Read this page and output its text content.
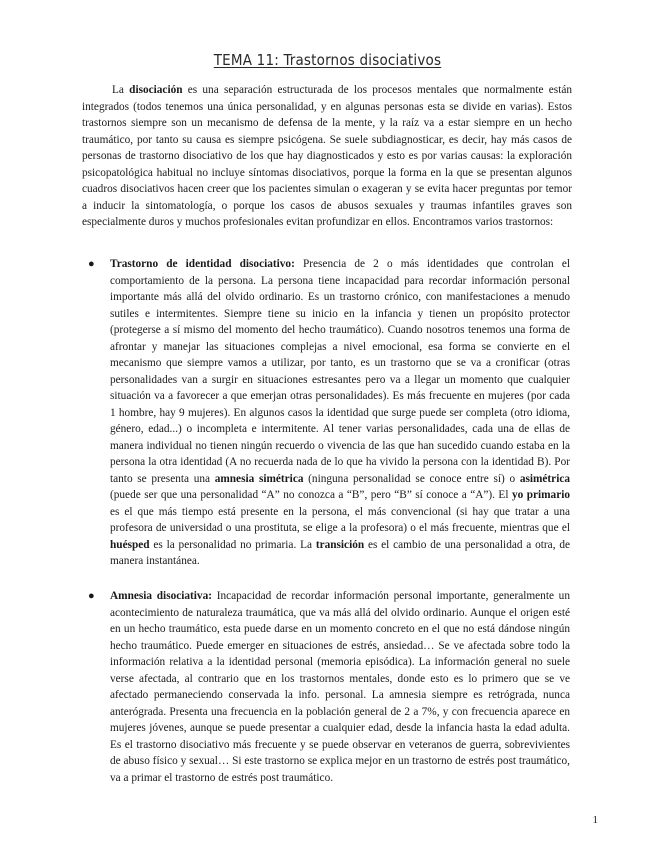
TEMA 11: Trastornos disociativos

La disociación es una separación estructurada de los procesos mentales que normalmente están integrados (todos tenemos una única personalidad, y en algunas personas esta se divide en varias). Estos trastornos siempre son un mecanismo de defensa de la mente, y la raíz va a estar siempre en un hecho traumático, por tanto su causa es siempre psicógena. Se suele subdiagnosticar, es decir, hay más casos de personas de trastorno disociativo de los que hay diagnosticados y esto es por varias causas: la exploración psicopatológica habitual no incluye síntomas disociativos, porque la forma en la que se presentan algunos cuadros disociativos hacen creer que los pacientes simulan o exageran y se evita hacer preguntas por temor a inducir la sintomatología, o porque los casos de abusos sexuales y traumas infantiles graves son especialmente duros y muchos profesionales evitan profundizar en ellos. Encontramos varios trastornos:

● Trastorno de identidad disociativo: Presencia de 2 o más identidades que controlan el comportamiento de la persona. La persona tiene incapacidad para recordar información personal importante más allá del olvido ordinario. Es un trastorno crónico, con manifestaciones a menudo sutiles e intermitentes. Siempre tiene su inicio en la infancia y tienen un propósito protector (protegerse a sí mismo del momento del hecho traumático). Cuando nosotros tenemos una forma de afrontar y manejar las situaciones complejas a nivel emocional, esa forma se convierte en el mecanismo que siempre vamos a utilizar, por tanto, es un trastorno que se va a cronificar (otras personalidades van a surgir en situaciones estresantes pero va a llegar un momento que cualquier situación va a favorecer a que emerjan otras personalidades). Es más frecuente en mujeres (por cada 1 hombre, hay 9 mujeres). En algunos casos la identidad que surge puede ser completa (otro idioma, género, edad...) o incompleta e intermitente. Al tener varias personalidades, cada una de ellas de manera individual no tienen ningún recuerdo o vivencia de las que han sucedido cuando estaba en la persona la otra identidad (A no recuerda nada de lo que ha vivido la persona con la identidad B). Por tanto se presenta una amnesia simétrica (ninguna personalidad se conoce entre sí) o asimétrica (puede ser que una personalidad “A” no conozca a “B”, pero “B” sí conoce a “A”). El yo primario es el que más tiempo está presente en la persona, el más convencional (si hay que tratar a una profesora de universidad o una prostituta, se elige a la profesora) o el más frecuente, mientras que el huésped es la personalidad no primaria. La transición es el cambio de una personalidad a otra, de manera instantánea.
● Amnesia disociativa: Incapacidad de recordar información personal importante, generalmente un acontecimiento de naturaleza traumática, que va más allá del olvido ordinario. Aunque el origen esté en un hecho traumático, esta puede darse en un momento concreto en el que no está dándose ningún hecho traumático. Puede emerger en situaciones de estrés, ansiedad… Se ve afectada sobre todo la información relativa a la identidad personal (memoria episódica). La información general no suele verse afectada, al contrario que en los trastornos mentales, donde esto es lo primero que se ve afectado permaneciendo conservada la info. personal. La amnesia siempre es retrógrada, nunca anterógrada. Presenta una frecuencia en la población general de 2 a 7%, y con frecuencia aparece en mujeres jóvenes, aunque se puede presentar a cualquier edad, desde la infancia hasta la edad adulta. Es el trastorno disociativo más frecuente y se puede observar en veteranos de guerra, sobrevivientes de abuso físico y sexual… Si este trastorno se explica mejor en un trastorno de estrés post traumático, va a primar el trastorno de estrés post traumático.
1
